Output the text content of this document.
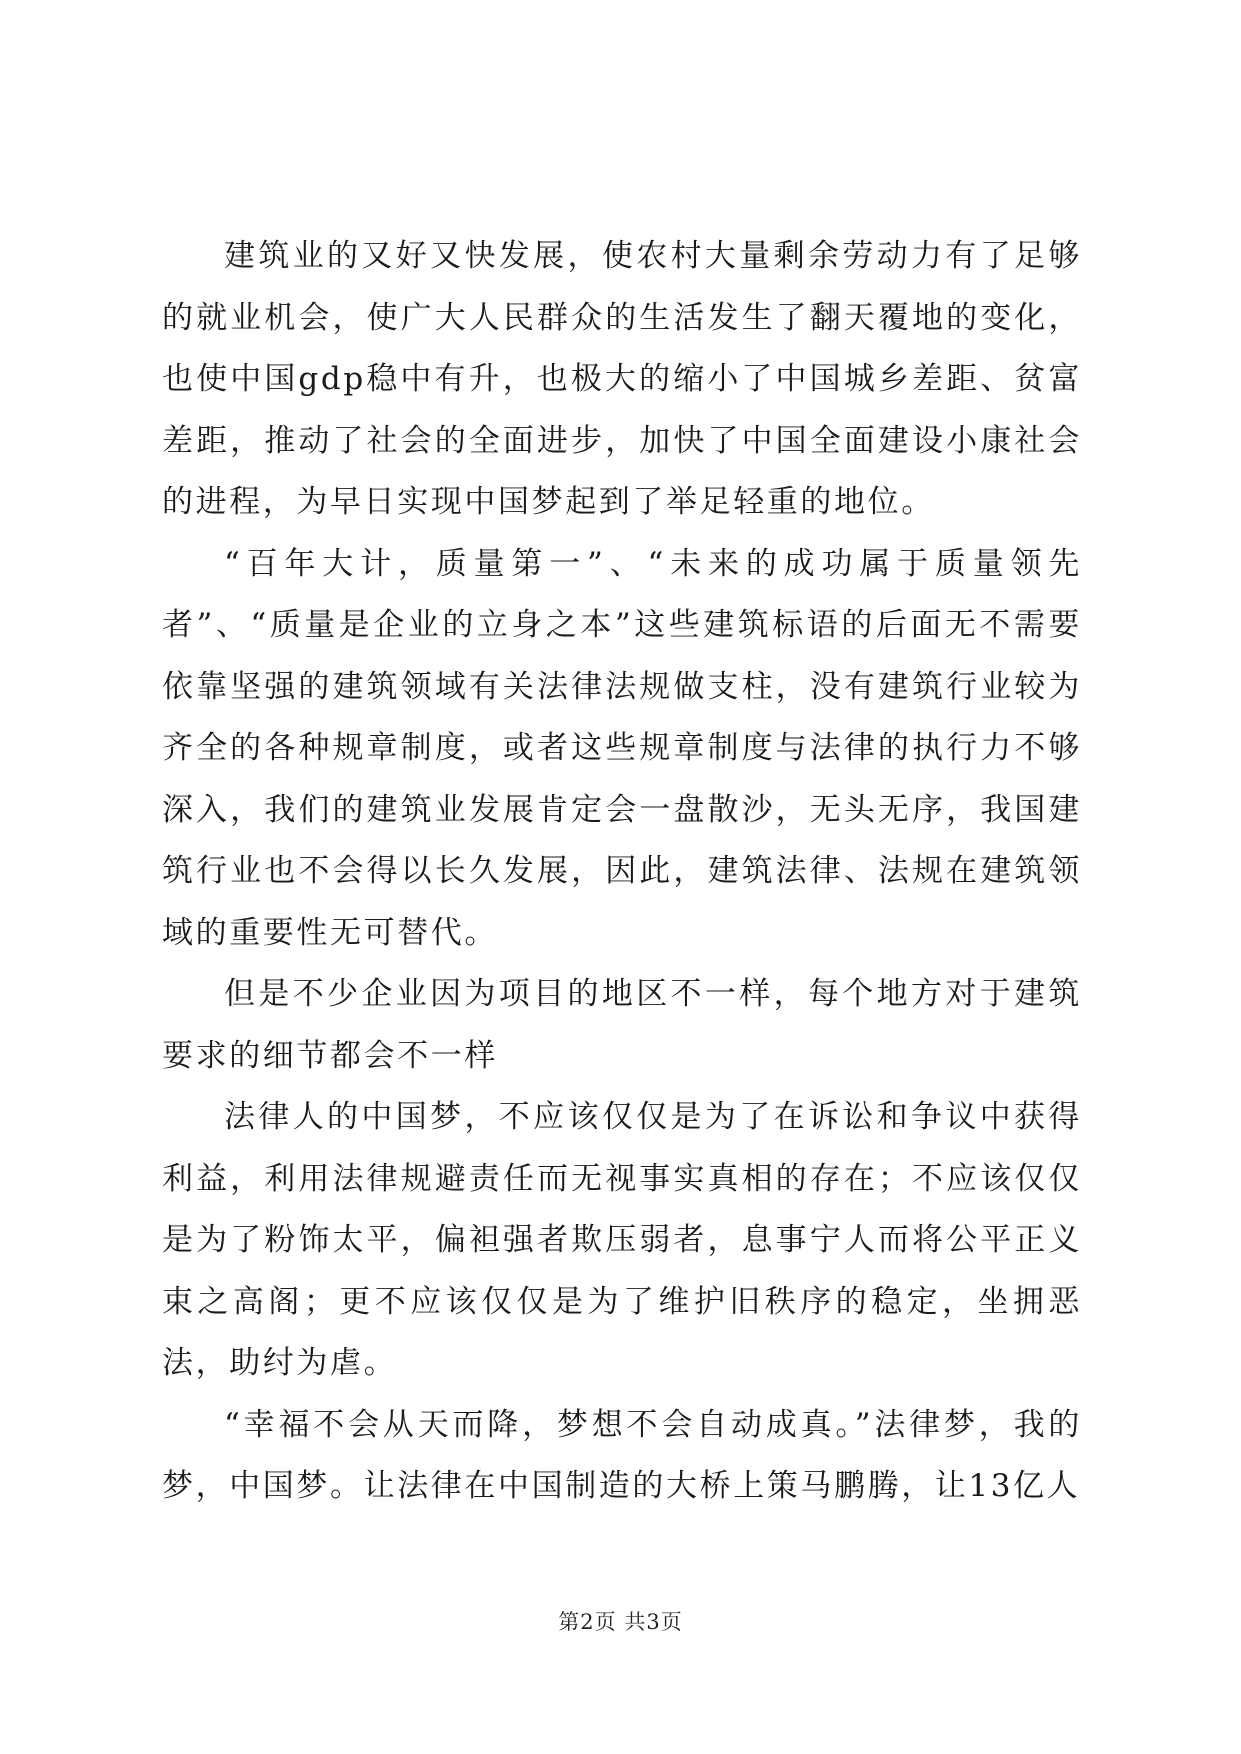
建筑业的又好又快发展，使农村大量剩余劳动力有了足够的就业机会，使广大人民群众的生活发生了翻天覆地的变化，也使中国gdp稳中有升，也极大的缩小了中国城乡差距、贫富差距，推动了社会的全面进步，加快了中国全面建设小康社会的进程，为早日实现中国梦起到了举足轻重的地位。

“百年大计，质量第一”、“未来的成功属于质量领先者”、“质量是企业的立身之本”这些建筑标语的后面无不需要依靠坚强的建筑领域有关法律法规做支柱，没有建筑行业较为齐全的各种规章制度，或者这些规章制度与法律的执行力不够深入，我们的建筑业发展肯定会一盘散沙，无头无序，我国建筑行业也不会得以长久发展，因此，建筑法律、法规在建筑领域的重要性无可替代。

但是不少企业因为项目的地区不一样，每个地方对于建筑要求的细节都会不一样

法律人的中国梦，不应该仅仅是为了在诉讼和争议中获得利益，利用法律规避责任而无视事实真相的存在；不应该仅仅是为了粉饰太平，偏袒强者欺压弱者，息事宁人而将公平正义束之高阁；更不应该仅仅是为了维护旧秩序的稳定，坐拥恶法，助纣为虐。

“幸福不会从天而降，梦想不会自动成真。”法律梦，我的梦，中国梦。让法律在中国制造的大桥上策马鹏腾，让13亿人

第2页 共3页
